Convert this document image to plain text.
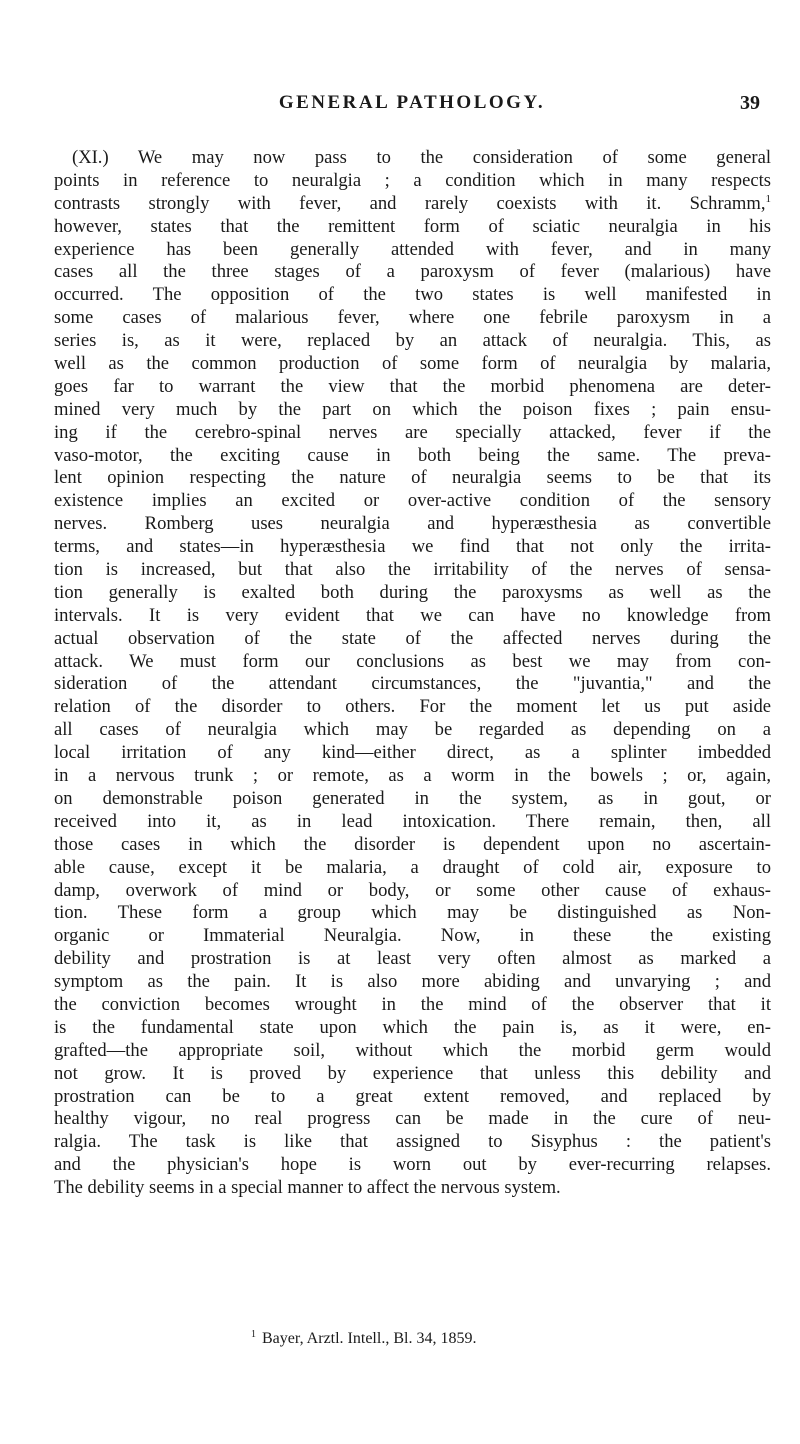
GENERAL PATHOLOGY.	39
(XI.) We may now pass to the consideration of some general
points in reference to neuralgia ; a condition which in many respects
contrasts strongly with fever, and rarely coexists with it. Schramm,$^1$
however, states that the remittent form of sciatic neuralgia in his
experience has been generally attended with fever, and in many
cases all the three stages of a paroxysm of fever (malarious) have
occurred. The opposition of the two states is well manifested in
some cases of malarious fever, where one febrile paroxysm in a
series is, as it were, replaced by an attack of neuralgia. This, as
well as the common production of some form of neuralgia by malaria,
goes far to warrant the view that the morbid phenomena are deter-
mined very much by the part on which the poison fixes ; pain ensu-
ing if the cerebro-spinal nerves are specially attacked, fever if the
vaso-motor, the exciting cause in both being the same. The preva-
lent opinion respecting the nature of neuralgia seems to be that its
existence implies an excited or over-active condition of the sensory
nerves. Romberg uses neuralgia and hyperæsthesia as convertible
terms, and states—in hyperæsthesia we find that not only the irrita-
tion is increased, but that also the irritability of the nerves of sensa-
tion generally is exalted both during the paroxysms as well as the
intervals. It is very evident that we can have no knowledge from
actual observation of the state of the affected nerves during the
attack. We must form our conclusions as best we may from con-
sideration of the attendant circumstances, the "juvantia," and the
relation of the disorder to others. For the moment let us put aside
all cases of neuralgia which may be regarded as depending on a
local irritation of any kind—either direct, as a splinter imbedded
in a nervous trunk ; or remote, as a worm in the bowels ; or, again,
on demonstrable poison generated in the system, as in gout, or
received into it, as in lead intoxication. There remain, then, all
those cases in which the disorder is dependent upon no ascertain-
able cause, except it be malaria, a draught of cold air, exposure to
damp, overwork of mind or body, or some other cause of exhaus-
tion. These form a group which may be distinguished as Non-
organic or Immaterial Neuralgia. Now, in these the existing
debility and prostration is at least very often almost as marked a
symptom as the pain. It is also more abiding and unvarying ; and
the conviction becomes wrought in the mind of the observer that it
is the fundamental state upon which the pain is, as it were, en-
grafted—the appropriate soil, without which the morbid germ would
not grow. It is proved by experience that unless this debility and
prostration can be to a great extent removed, and replaced by
healthy vigour, no real progress can be made in the cure of neu-
ralgia. The task is like that assigned to Sisyphus : the patient's
and the physician's hope is worn out by ever-recurring relapses.
The debility seems in a special manner to affect the nervous system.
$^1$ Bayer, Arztl. Intell., Bl. 34, 1859.
